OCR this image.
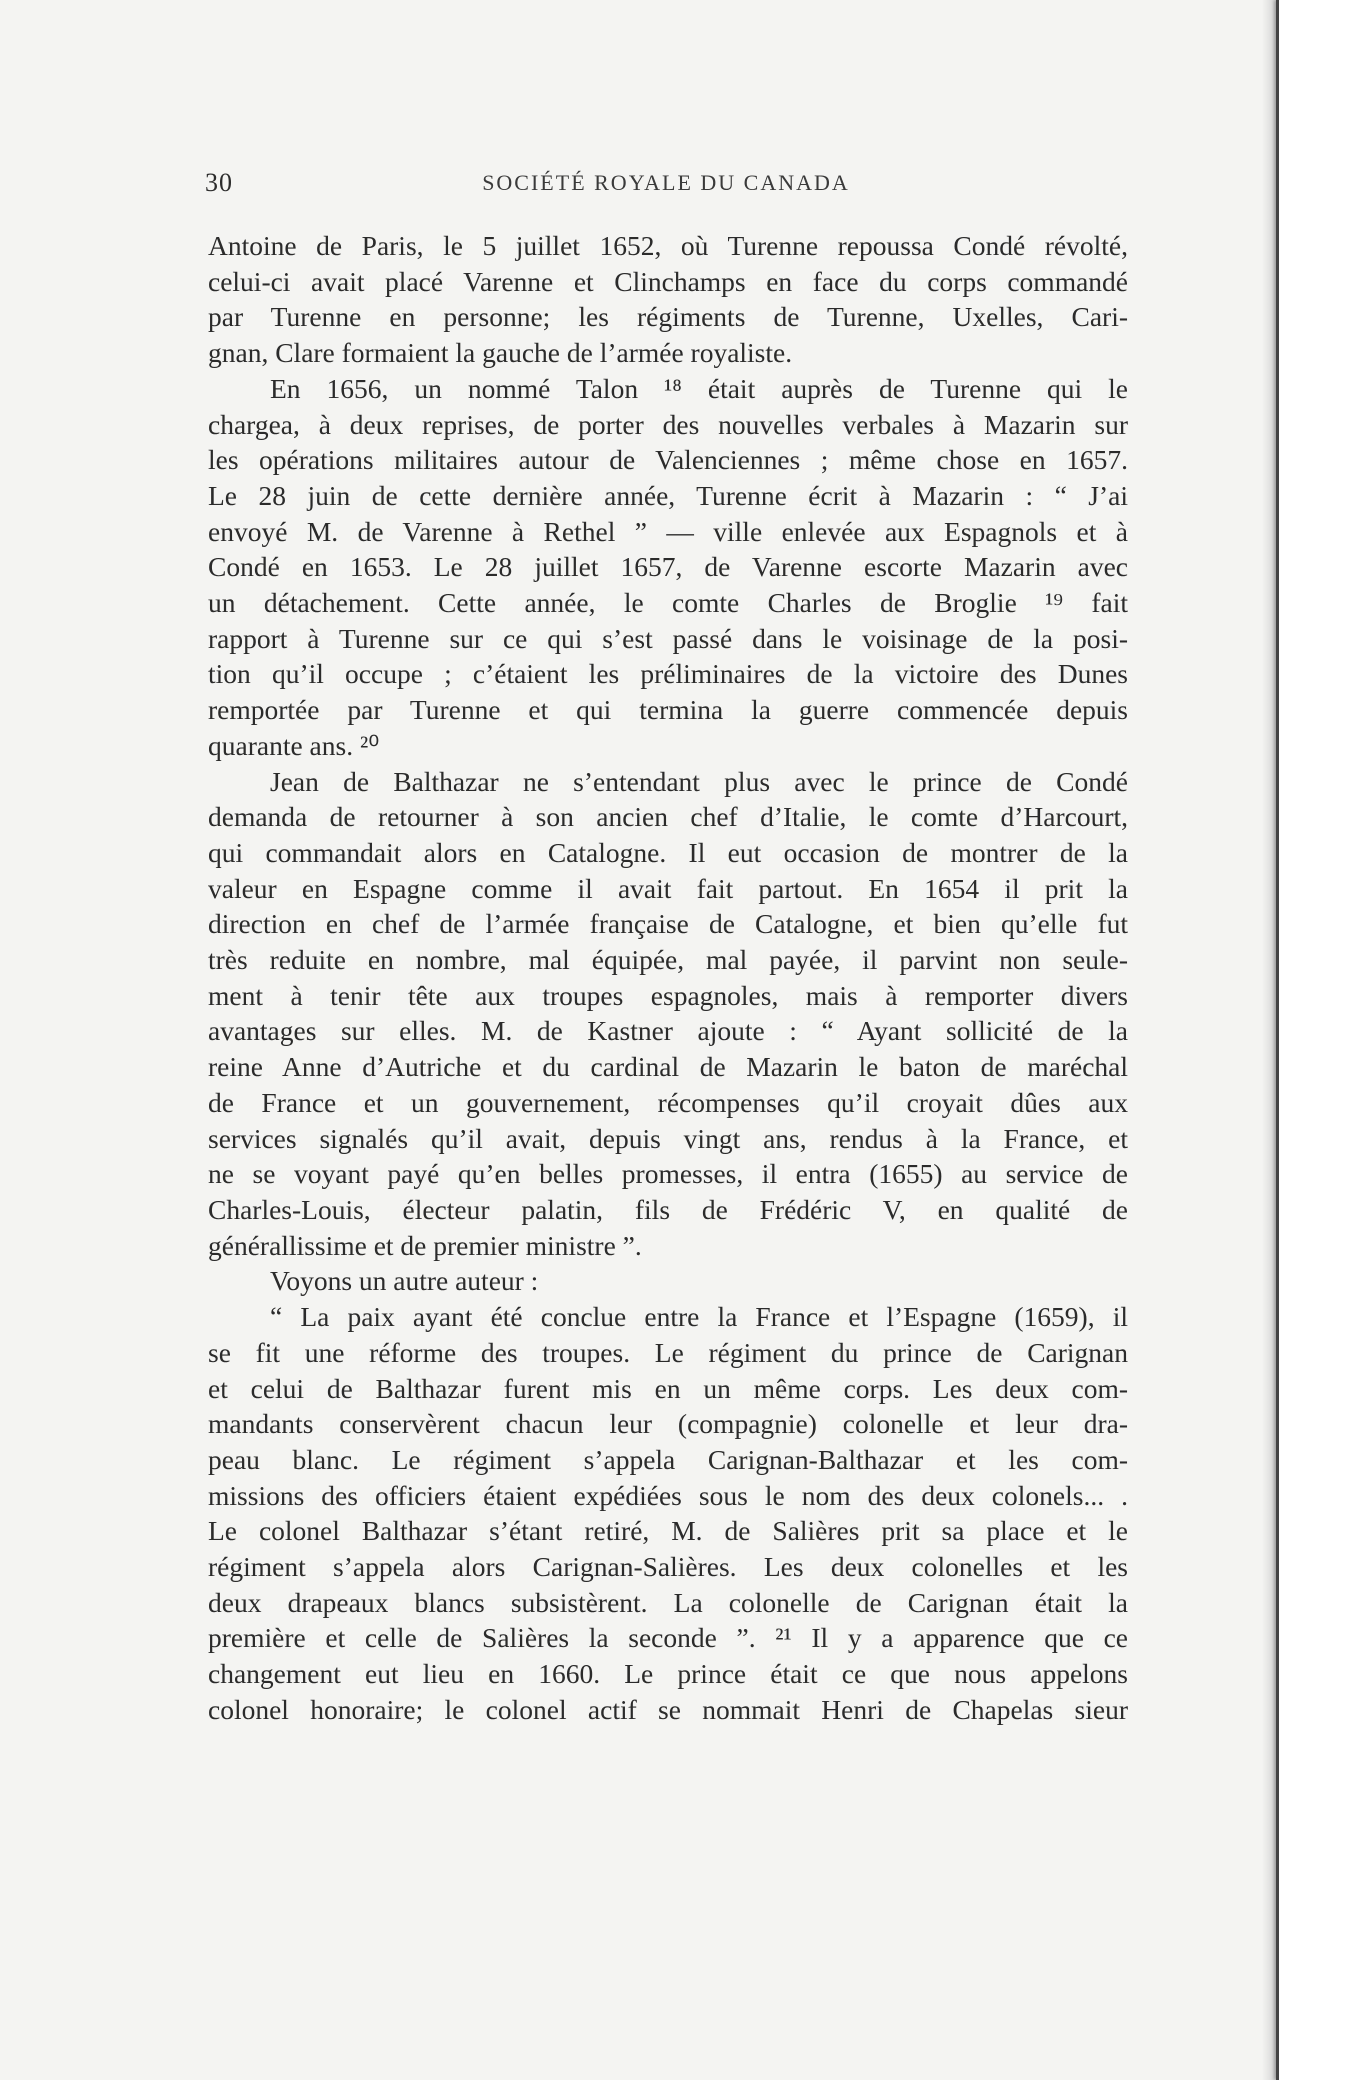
30	SOCIÉTÉ ROYALE DU CANADA

Antoine de Paris, le 5 juillet 1652, où Turenne repoussa Condé révolté,
celui-ci avait placé Varenne et Clinchamps en face du corps commandé
par Turenne en personne; les régiments de Turenne, Uxelles, Cari-
gnan, Clare formaient la gauche de l’armée royaliste.

En 1656, un nommé Talon ¹⁸ était auprès de Turenne qui le
chargea, à deux reprises, de porter des nouvelles verbales à Mazarin sur
les opérations militaires autour de Valenciennes ; même chose en 1657.
Le 28 juin de cette dernière année, Turenne écrit à Mazarin : “ J’ai
envoyé M. de Varenne à Rethel ” — ville enlevée aux Espagnols et à
Condé en 1653. Le 28 juillet 1657, de Varenne escorte Mazarin avec
un détachement. Cette année, le comte Charles de Broglie ¹⁹ fait
rapport à Turenne sur ce qui s’est passé dans le voisinage de la posi-
tion qu’il occupe ; c’étaient les préliminaires de la victoire des Dunes
remportée par Turenne et qui termina la guerre commencée depuis
quarante ans. ²⁰

Jean de Balthazar ne s’entendant plus avec le prince de Condé
demanda de retourner à son ancien chef d’Italie, le comte d’Harcourt,
qui commandait alors en Catalogne. Il eut occasion de montrer de la
valeur en Espagne comme il avait fait partout. En 1654 il prit la
direction en chef de l’armée française de Catalogne, et bien qu’elle fut
très reduite en nombre, mal équipée, mal payée, il parvint non seule-
ment à tenir tête aux troupes espagnoles, mais à remporter divers
avantages sur elles. M. de Kastner ajoute : “ Ayant sollicité de la
reine Anne d’Autriche et du cardinal de Mazarin le baton de maréchal
de France et un gouvernement, récompenses qu’il croyait dûes aux
services signalés qu’il avait, depuis vingt ans, rendus à la France, et
ne se voyant payé qu’en belles promesses, il entra (1655) au service de
Charles-Louis, électeur palatin, fils de Frédéric V, en qualité de
générallissime et de premier ministre ”.

Voyons un autre auteur :

“ La paix ayant été conclue entre la France et l’Espagne (1659), il
se fit une réforme des troupes. Le régiment du prince de Carignan
et celui de Balthazar furent mis en un même corps. Les deux com-
mandants conservèrent chacun leur (compagnie) colonelle et leur dra-
peau blanc. Le régiment s’appela Carignan-Balthazar et les com-
missions des officiers étaient expédiées sous le nom des deux colonels... .
Le colonel Balthazar s’étant retiré, M. de Salières prit sa place et le
régiment s’appela alors Carignan-Salières. Les deux colonelles et les
deux drapeaux blancs subsistèrent. La colonelle de Carignan était la
première et celle de Salières la seconde ”. ²¹ Il y a apparence que ce
changement eut lieu en 1660. Le prince était ce que nous appelons
colonel honoraire; le colonel actif se nommait Henri de Chapelas sieur
